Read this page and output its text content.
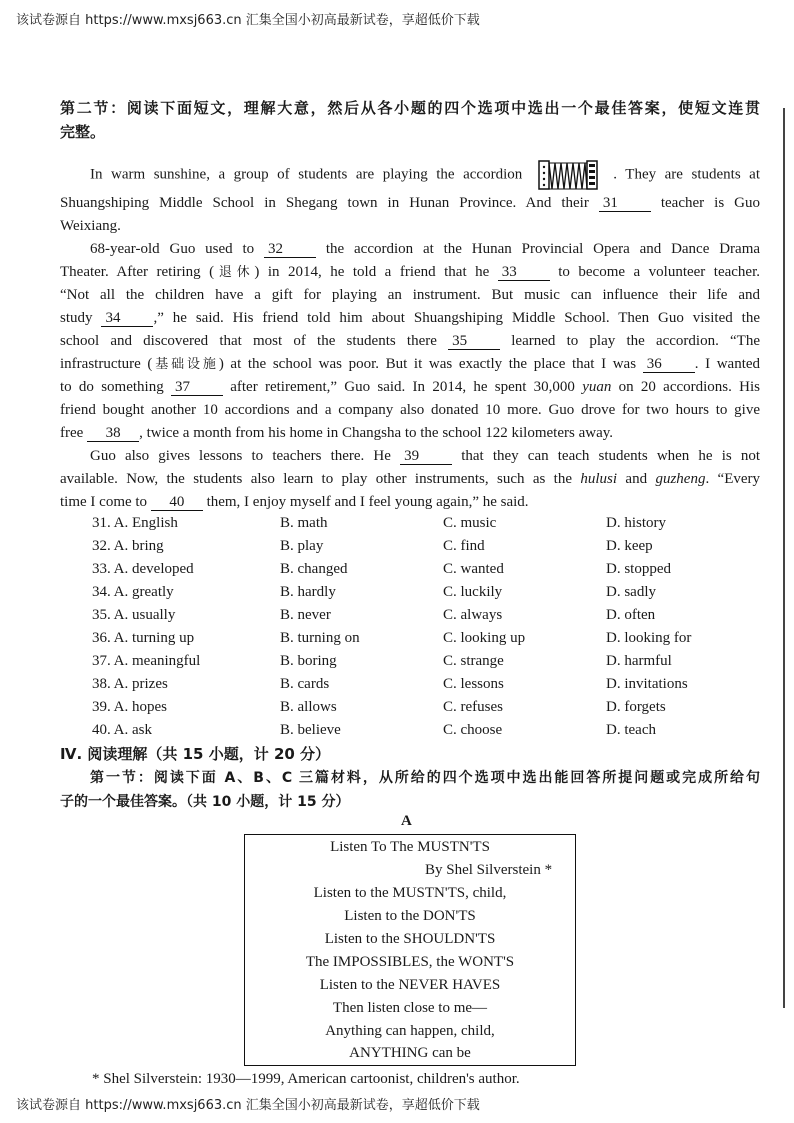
该试卷源自 https://www.mxsj663.cn 汇集全国小初高最新试卷，享超低价下载
第二节：阅读下面短文，理解大意，然后从各小题的四个选项中选出一个最佳答案，使短文连贯
完整。
In warm sunshine, a group of students are playing the accordion	. They are students at
Shuangshiping Middle School in Shegang town in Hunan Province. And their 31	teacher is Guo
Weixiang.
68-year-old Guo used to 32	the accordion at the Hunan Provincial Opera and Dance Drama
Theater. After retiring (退休) in 2014, he told a friend that he 33	to become a volunteer teacher.
“Not all the children have a gift for playing an instrument. But music can influence their life and
study 34 ,” he said. His friend told him about Shuangshiping Middle School. Then Guo visited the
school and discovered that most of the students there 35	learned to play the accordion. “The
infrastructure (基础设施) at the school was poor. But it was exactly the place that I was 36 . I wanted
to do something 37	after retirement,” Guo said. In 2014, he spent 30,000 yuan on 20 accordions. His
friend bought another 10 accordions and a company also donated 10 more. Guo drove for two hours to give
free 38 , twice a month from his home in Changsha to the school 122 kilometers away.
Guo also gives lessons to teachers there. He 39	that they can teach students when he is not
available. Now, the students also learn to play other instruments, such as the hulusi and guzheng. “Every
time I come to 40 them, I enjoy myself and I feel young again,” he said.
31. A. English	B. math	C. music	D. history
32. A. bring	B. play	C. find	D. keep
33. A. developed	B. changed	C. wanted	D. stopped
34. A. greatly	B. hardly	C. luckily	D. sadly
35. A. usually	B. never	C. always	D. often
36. A. turning up	B. turning on	C. looking up	D. looking for
37. A. meaningful	B. boring	C. strange	D. harmful
38. A. prizes	B. cards	C. lessons	D. invitations
39. A. hopes	B. allows	C. refuses	D. forgets
40. A. ask	B. believe	C. choose	D. teach
Ⅳ. 阅读理解（共 15 小题，计 20 分）
第一节：阅读下面 A、B、C 三篇材料，从所给的四个选项中选出能回答所提问题或完成所给句
子的一个最佳答案。（共 10 小题，计 15 分）
A
Listen To The MUSTN'TS
By Shel Silverstein *
Listen to the MUSTN'TS, child,
Listen to the DON'TS
Listen to the SHOULDN'TS
The IMPOSSIBLES, the WONT'S
Listen to the NEVER HAVES
Then listen close to me—
Anything can happen, child,
ANYTHING can be
* Shel Silverstein: 1930—1999, American cartoonist, children's author.
该试卷源自 https://www.mxsj663.cn 汇集全国小初高最新试卷，享超低价下载
